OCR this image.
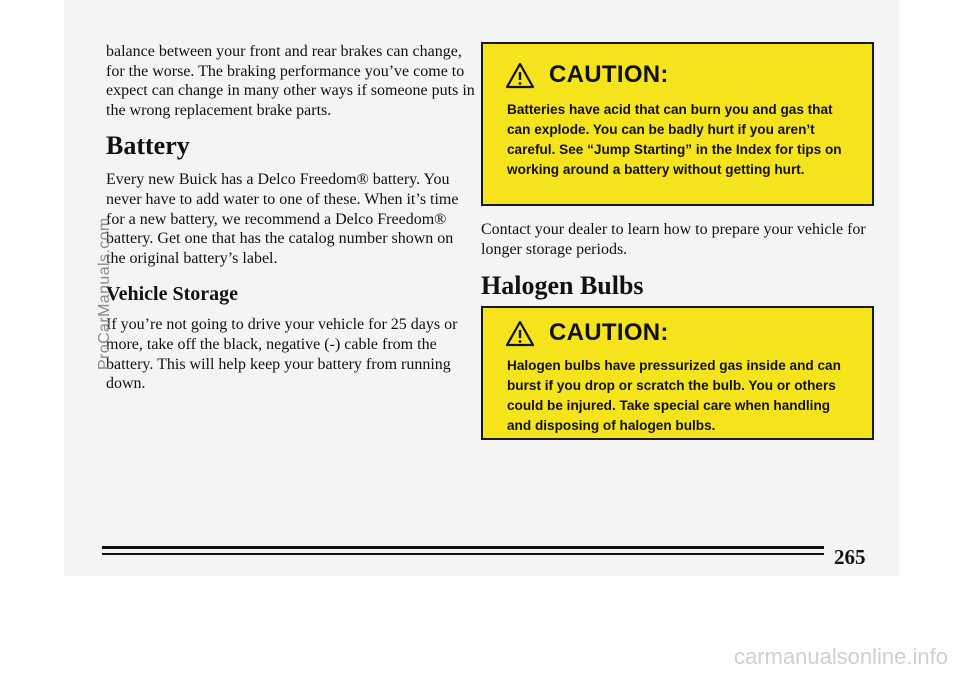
balance between your front and rear brakes can change, for the worse. The braking performance you’ve come to expect can change in many other ways if someone puts in the wrong replacement brake parts.

Battery

Every new Buick has a Delco Freedom® battery. You never have to add water to one of these. When it’s time for a new battery, we recommend a Delco Freedom® battery. Get one that has the catalog number shown on the original battery’s label.

Vehicle Storage

If you’re not going to drive your vehicle for 25 days or more, take off the black, negative (-) cable from the battery. This will help keep your battery from running down.

CAUTION:
Batteries have acid that can burn you and gas that can explode. You can be badly hurt if you aren’t careful. See “Jump Starting” in the Index for tips on working around a battery without getting hurt.

Contact your dealer to learn how to prepare your vehicle for longer storage periods.

Halogen Bulbs
CAUTION:
Halogen bulbs have pressurized gas inside and can burst if you drop or scratch the bulb. You or others could be injured. Take special care when handling and disposing of halogen bulbs.
ProCarManuals.com
265
carmanualsonline.info
